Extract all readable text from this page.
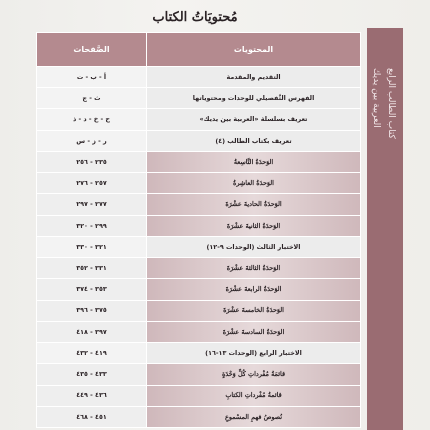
كتاب الطالب الرابع
العربية بين يديك
مُحتويَاتُ الكتاب
المحتويات	الصَّفحات
التقديم والمقدمة	أ - ب - ت
الفهرس التَّفصيلي للوحدات ومحتوياتها	ث - ج
تعريف بسلسلة «العربية بين يديك»	ح - خ - د - ذ
تعريف بكتاب الطالب (٤)	ر - ز - س
الوَحدَةُ التَّاسِعةُ	٢٣٥ - ٢٥٦
الوَحدَةُ العاشِرةُ	٢٥٧ - ٢٧٦
الوَحدَةُ الحاديةَ عشْرَةَ	٢٧٧ - ٢٩٧
الوَحدَةُ الثانيةَ عشْرَةَ	٢٩٩ - ٣٢٠
الاختبار الثالث (الوحدات ٩-١٢)	٣٢١ - ٣٣٠
الوَحدَةُ الثالثةَ عشْرَةَ	٣٣١ - ٣٥٢
الوَحدَةُ الرابعةَ عشْرَةَ	٣٥٣ - ٣٧٤
الوَحدَةُ الخامسةَ عشْرَةَ	٣٧٥ - ٣٩٦
الوَحدَةُ السادسةَ عشْرَةَ	٣٩٧ - ٤١٨
الاختبار الرابع (الوحدات ١٣-١٦)	٤١٩ - ٤٣٢
قائمَةُ مُفْرداتِ كُلِّ وَحْدَةٍ	٤٣٣ - ٤٣٥
قائمةُ مُفْرداتِ الكتابِ	٤٣٦ - ٤٤٩
نُصوصُ فهمِ المسْموعِ	٤٥١ - ٤٦٨
